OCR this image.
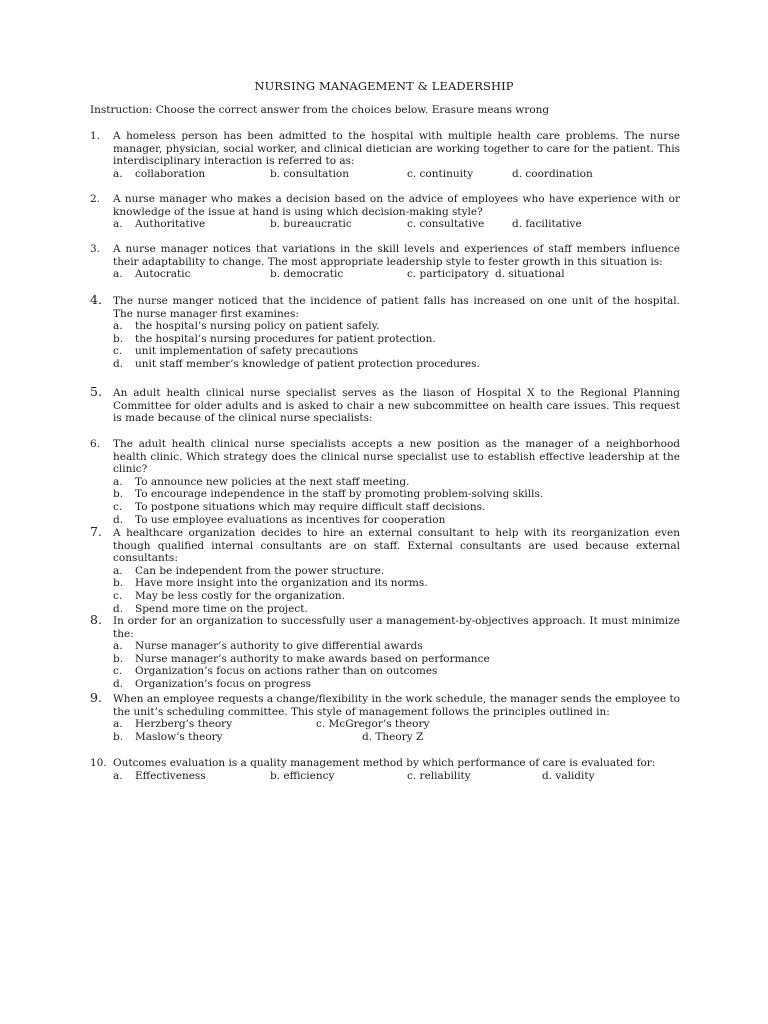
NURSING MANAGEMENT & LEADERSHIP
Instruction: Choose the correct answer from the choices below. Erasure means wrong
1.	A homeless person has been admitted to the hospital with multiple health care problems. The nurse manager, physician, social worker, and clinical dietician are working together to care for the patient. This interdisciplinary interaction is referred to as:
a. collaboration	b. consultation	c. continuity	d. coordination
2.	A nurse manager who makes a decision based on the advice of employees who have experience with or knowledge of the issue at hand is using which decision-making style?
a. Authoritative	b. bureaucratic	c. consultative	d. facilitative
3.	A nurse manager notices that variations in the skill levels and experiences of staff members influence their adaptability to change. The most appropriate leadership style to fester growth in this situation is:
a. Autocratic	b. democratic	c. participatory d. situational
4.	The nurse manger noticed that the incidence of patient falls has increased on one unit of the hospital. The nurse manager first examines:
a. the hospital’s nursing policy on patient safely.
b. the hospital’s nursing procedures for patient protection.
c. unit implementation of safety precautions
d. unit staff member’s knowledge of patient protection procedures.
5.	An adult health clinical nurse specialist serves as the liason of Hospital X to the Regional Planning Committee for older adults and is asked to chair a new subcommittee on health care issues. This request is made because of the clinical nurse specialists:
6.	The adult health clinical nurse specialists accepts a new position as the manager of a neighborhood health clinic. Which strategy does the clinical nurse specialist use to establish effective leadership at the clinic?
a. To announce new policies at the next staff meeting.
b. To encourage independence in the staff by promoting problem-solving skills.
c. To postpone situations which may require difficult staff decisions.
d. To use employee evaluations as incentives for cooperation
7.	A healthcare organization decides to hire an external consultant to help with its reorganization even though qualified internal consultants are on staff. External consultants are used because external consultants:
a. Can be independent from the power structure.
b. Have more insight into the organization and its norms.
c. May be less costly for the organization.
d. Spend more time on the project.
8.	In order for an organization to successfully user a management-by-objectives approach. It must minimize the:
a. Nurse manager’s authority to give differential awards
b. Nurse manager’s authority to make awards based on performance
c. Organization’s focus on actions rather than on outcomes
d. Organization’s focus on progress
9.	When an employee requests a change/flexibility in the work schedule, the manager sends the employee to the unit’s scheduling committee. This style of management follows the principles outlined in:
a. Herzberg’s theory	c. McGregor’s theory
b. Maslow’s theory	d. Theory Z
10. Outcomes evaluation is a quality management method by which performance of care is evaluated for:
a. Effectiveness	b. efficiency	c. reliability	d. validity
